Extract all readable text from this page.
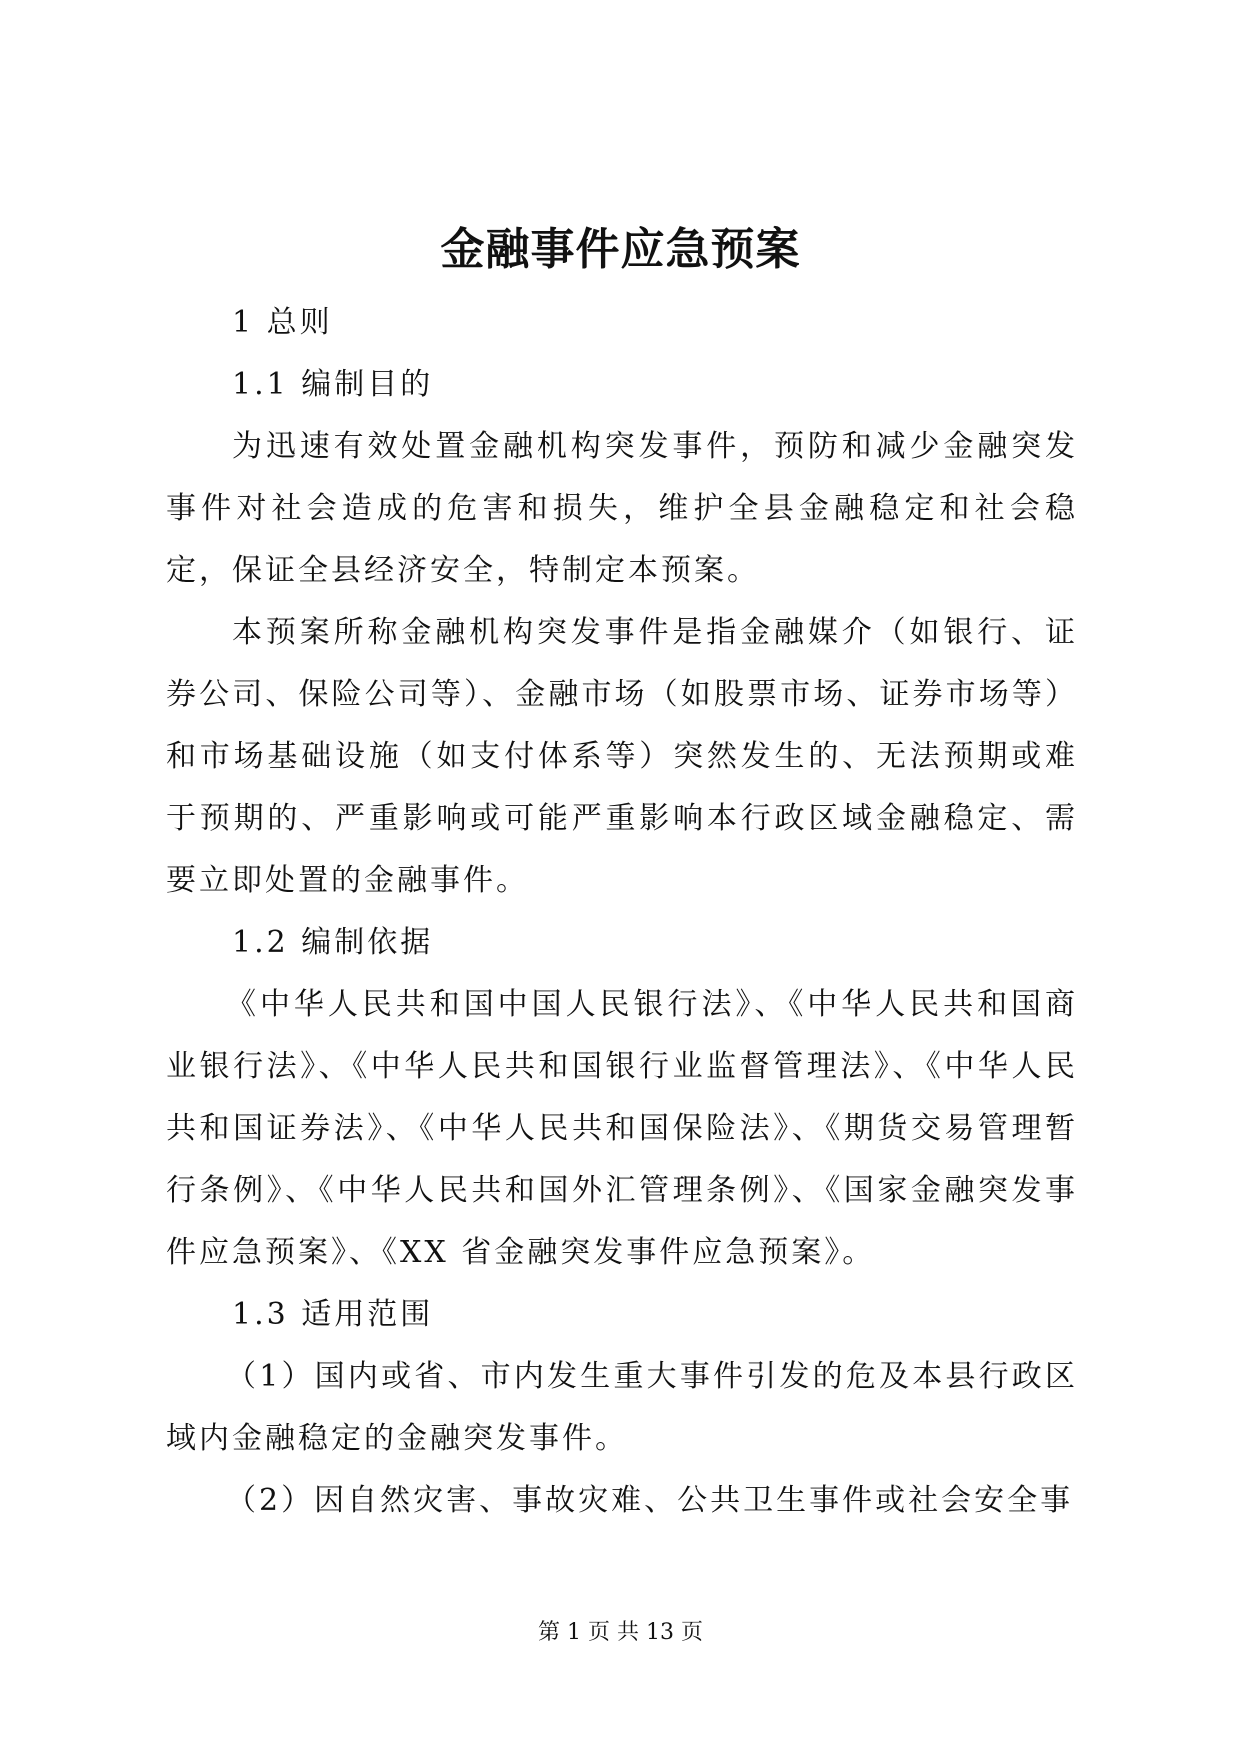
金融事件应急预案

1 总则

1.1 编制目的

为迅速有效处置金融机构突发事件，预防和减少金融突发事件对社会造成的危害和损失，维护全县金融稳定和社会稳定，保证全县经济安全，特制定本预案。

本预案所称金融机构突发事件是指金融媒介（如银行、证券公司、保险公司等）、金融市场（如股票市场、证券市场等）和市场基础设施（如支付体系等）突然发生的、无法预期或难于预期的、严重影响或可能严重影响本行政区域金融稳定、需要立即处置的金融事件。

1.2 编制依据

《中华人民共和国中国人民银行法》、《中华人民共和国商业银行法》、《中华人民共和国银行业监督管理法》、《中华人民共和国证券法》、《中华人民共和国保险法》、《期货交易管理暂行条例》、《中华人民共和国外汇管理条例》、《国家金融突发事件应急预案》、《XX 省金融突发事件应急预案》。

1.3 适用范围

（1）国内或省、市内发生重大事件引发的危及本县行政区域内金融稳定的金融突发事件。

（2）因自然灾害、事故灾难、公共卫生事件或社会安全事

第 1 页 共 13 页
